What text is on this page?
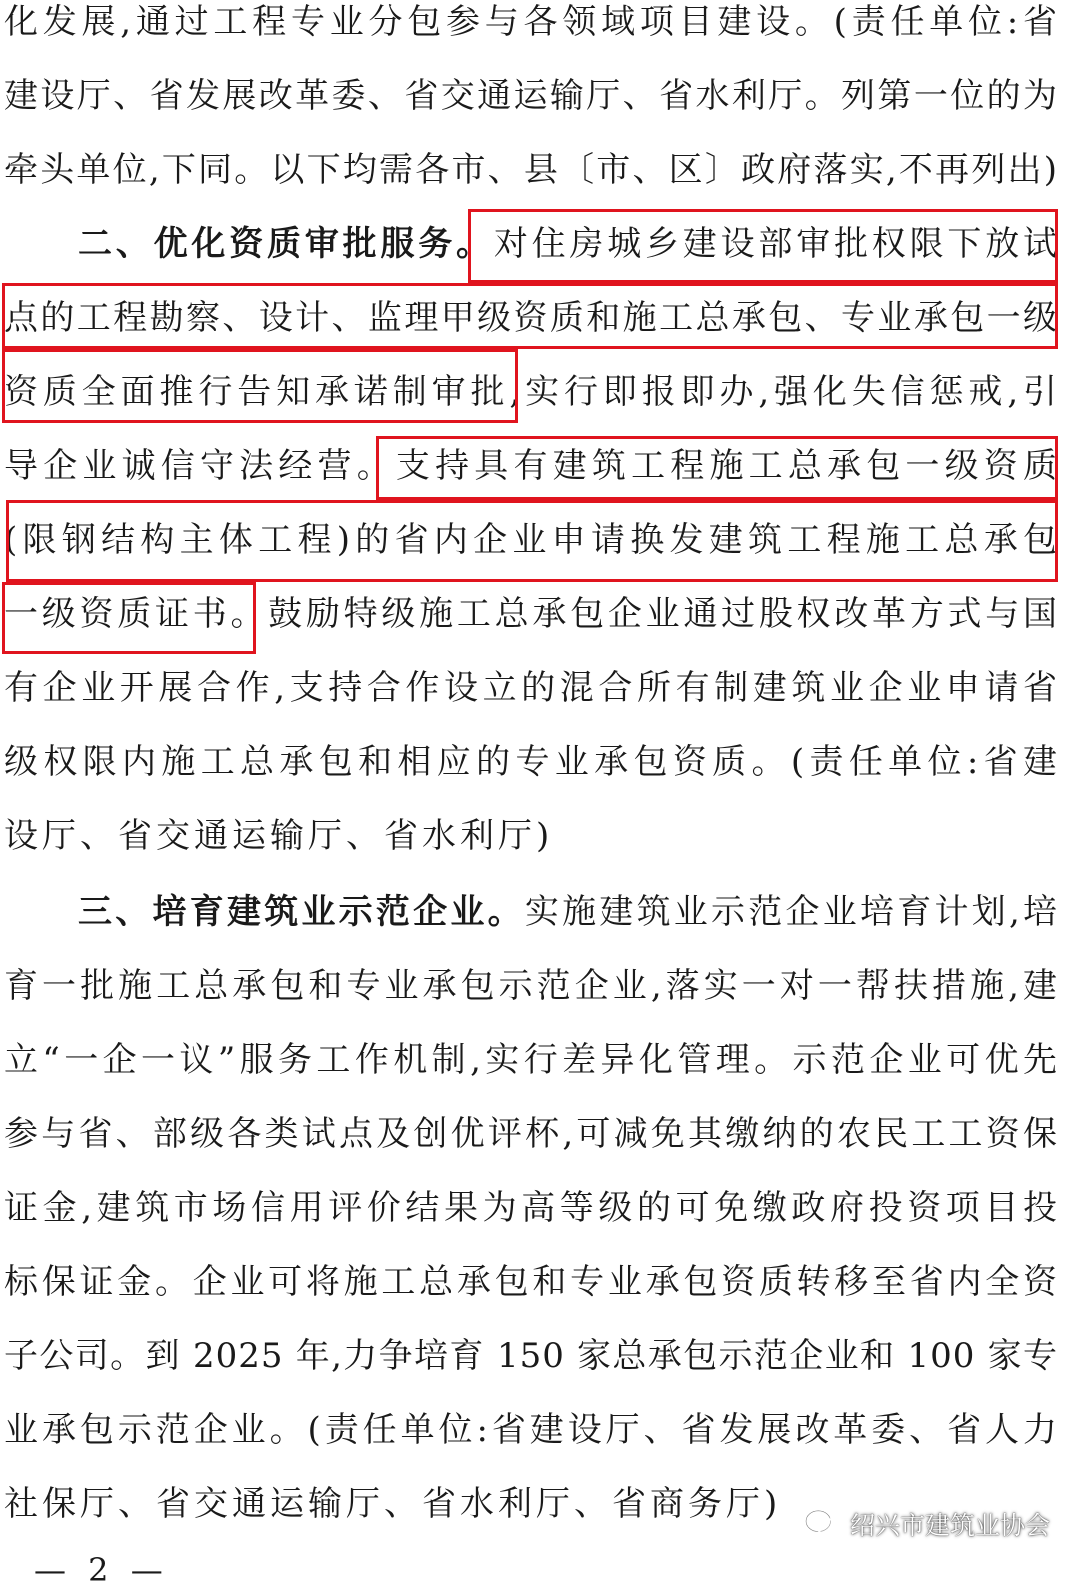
化发展,通过工程专业分包参与各领域项目建设。(责任单位:省
建设厅、省发展改革委、省交通运输厅、省水利厅。列第一位的为
牵头单位,下同。以下均需各市、县〔市、区〕政府落实,不再列出)
二、优化资质审批服务。对住房城乡建设部审批权限下放试
点的工程勘察、设计、监理甲级资质和施工总承包、专业承包一级
资质全面推行告知承诺制审批,实行即报即办,强化失信惩戒,引
导企业诚信守法经营。支持具有建筑工程施工总承包一级资质
(限钢结构主体工程)的省内企业申请换发建筑工程施工总承包
一级资质证书。鼓励特级施工总承包企业通过股权改革方式与国
有企业开展合作,支持合作设立的混合所有制建筑业企业申请省
级权限内施工总承包和相应的专业承包资质。(责任单位:省建
设厅、省交通运输厅、省水利厅)
三、培育建筑业示范企业。实施建筑业示范企业培育计划,培
育一批施工总承包和专业承包示范企业,落实一对一帮扶措施,建
立“一企一议”服务工作机制,实行差异化管理。示范企业可优先
参与省、部级各类试点及创优评杯,可减免其缴纳的农民工工资保
证金,建筑市场信用评价结果为高等级的可免缴政府投资项目投
标保证金。企业可将施工总承包和专业承包资质转移至省内全资
子公司。到 2025 年,力争培育 150 家总承包示范企业和 100 家专
业承包示范企业。(责任单位:省建设厅、省发展改革委、省人力
社保厅、省交通运输厅、省水利厅、省商务厅)
绍兴市建筑业协会
— 2 —
